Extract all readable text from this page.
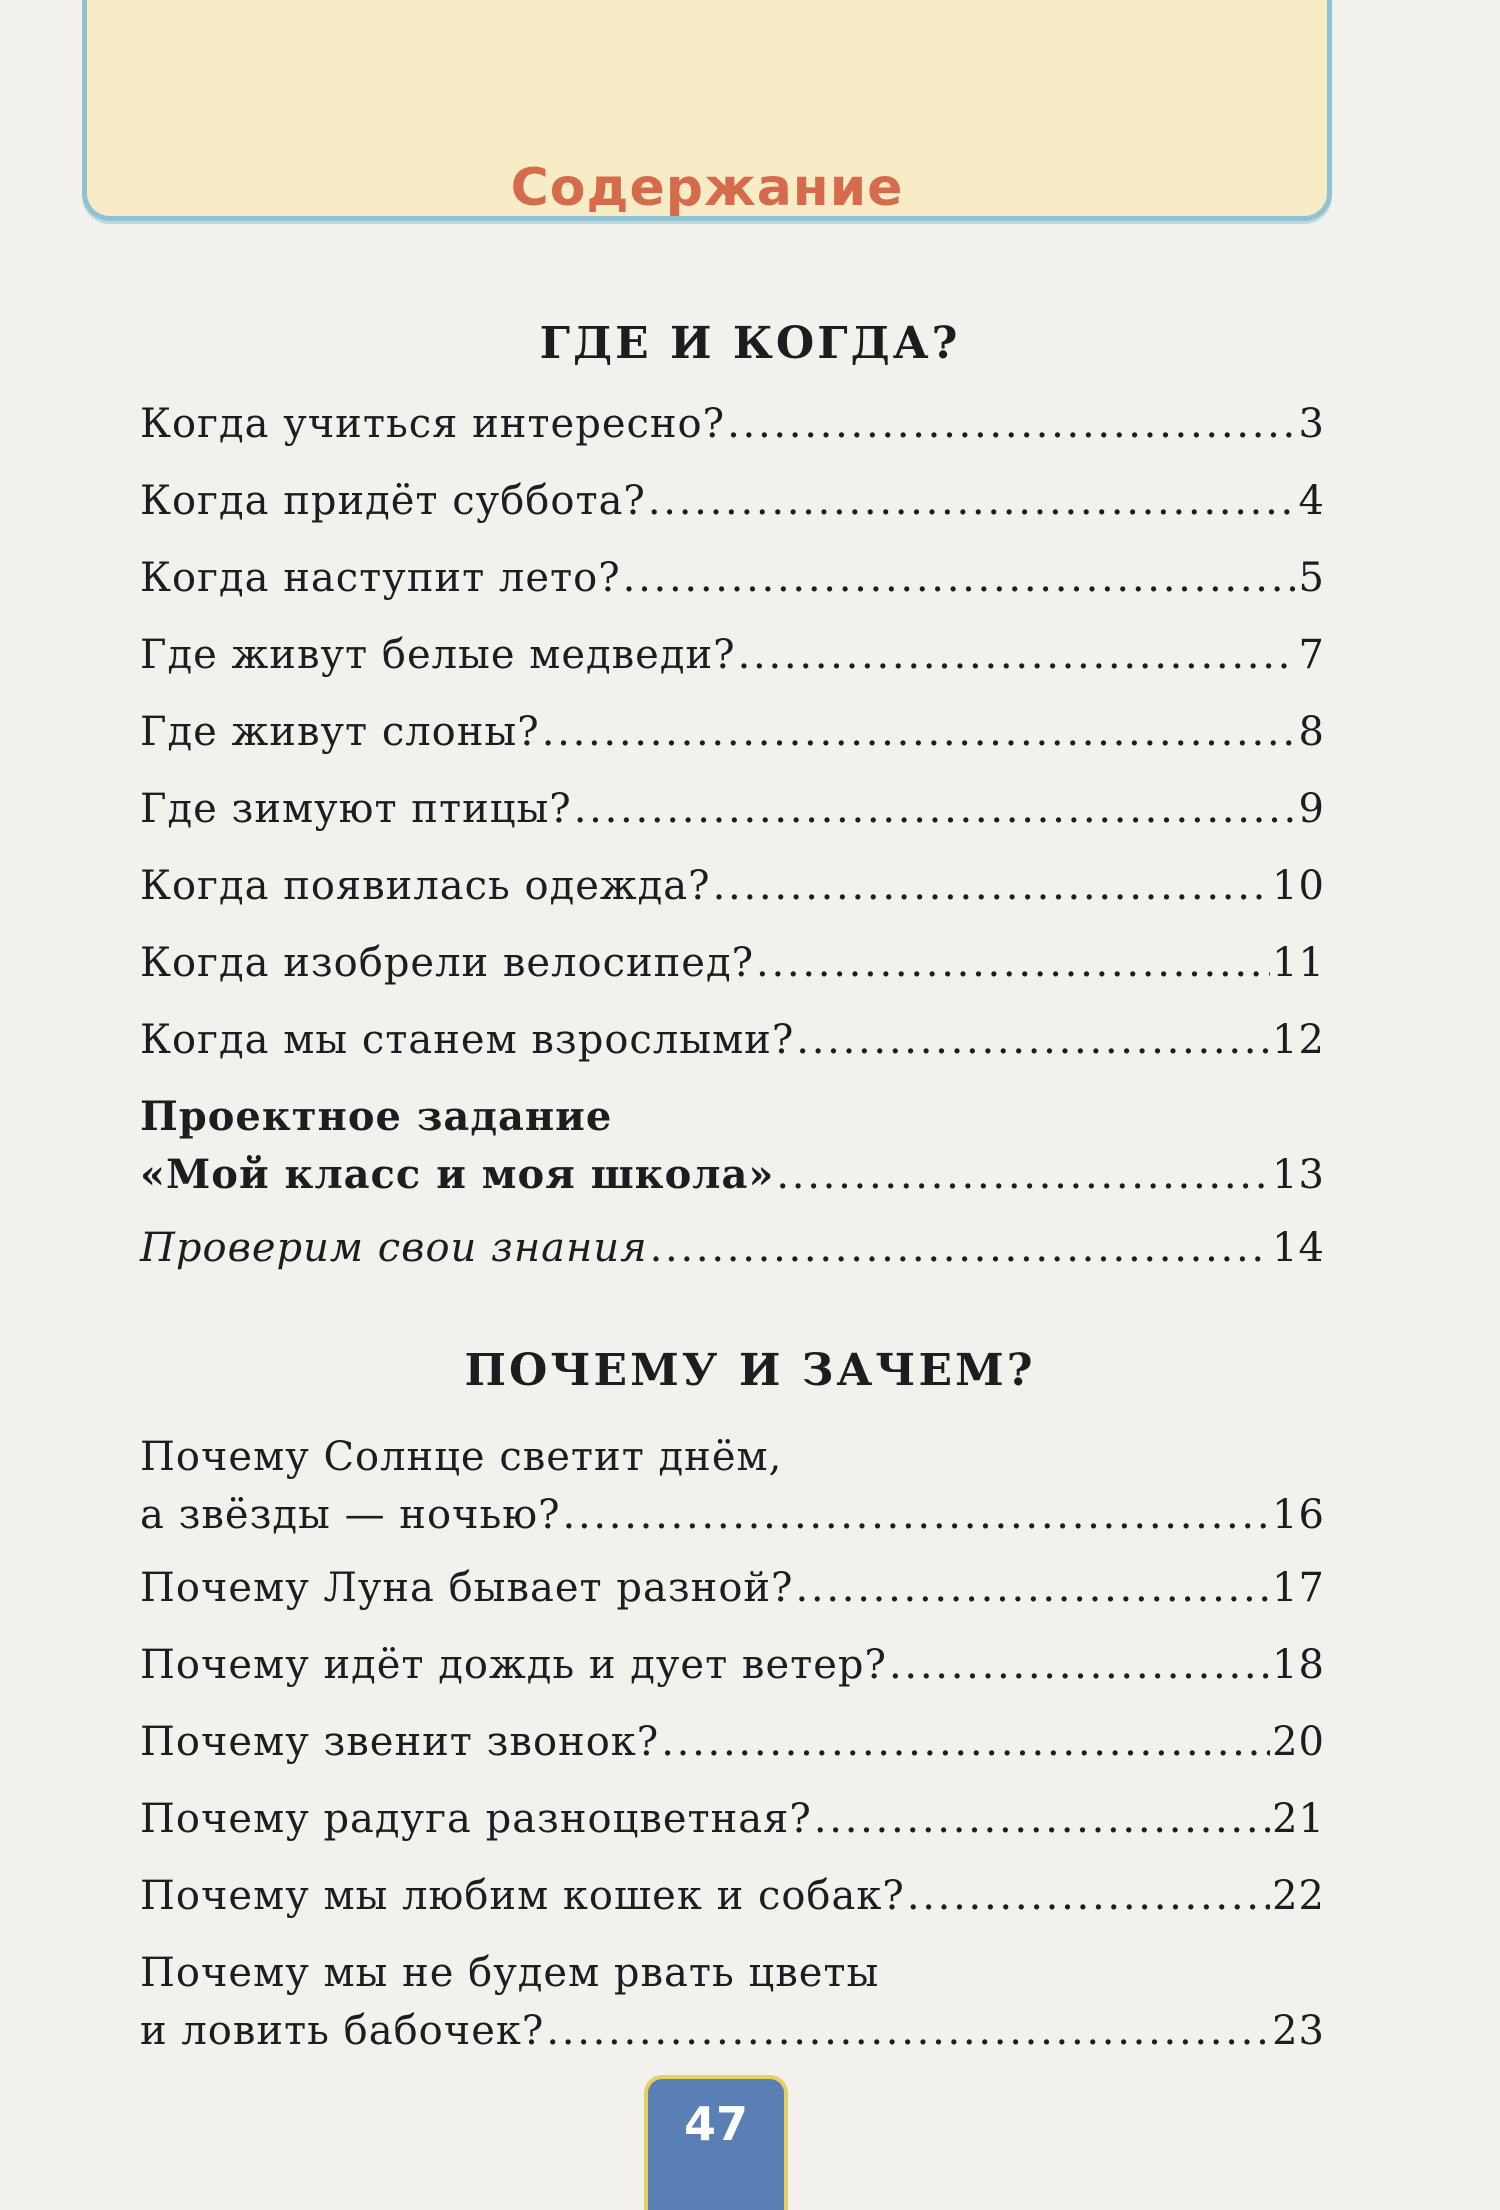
Содержание
ГДЕ И КОГДА?
Когда учиться интересно? . . .	3
Когда придёт суббота? . . .	4
Когда наступит лето? . . .	5
Где живут белые медведи? . . .	7
Где живут слоны? . . .	8
Где зимуют птицы? . . .	9
Когда появилась одежда? . . .	10
Когда изобрели велосипед? . . .	11
Когда мы станем взрослыми? . . .	12
Проектное задание
«Мой класс и моя школа» . . .	13
Проверим свои знания . . .	14
ПОЧЕМУ И ЗАЧЕМ?
Почему Солнце светит днём,
а звёзды — ночью? . . .	16
Почему Луна бывает разной? . . .	17
Почему идёт дождь и дует ветер? . . .	18
Почему звенит звонок? . . .	20
Почему радуга разноцветная? . . .	21
Почему мы любим кошек и собак? . . .	22
Почему мы не будем рвать цветы
и ловить бабочек? . . .	23
47
